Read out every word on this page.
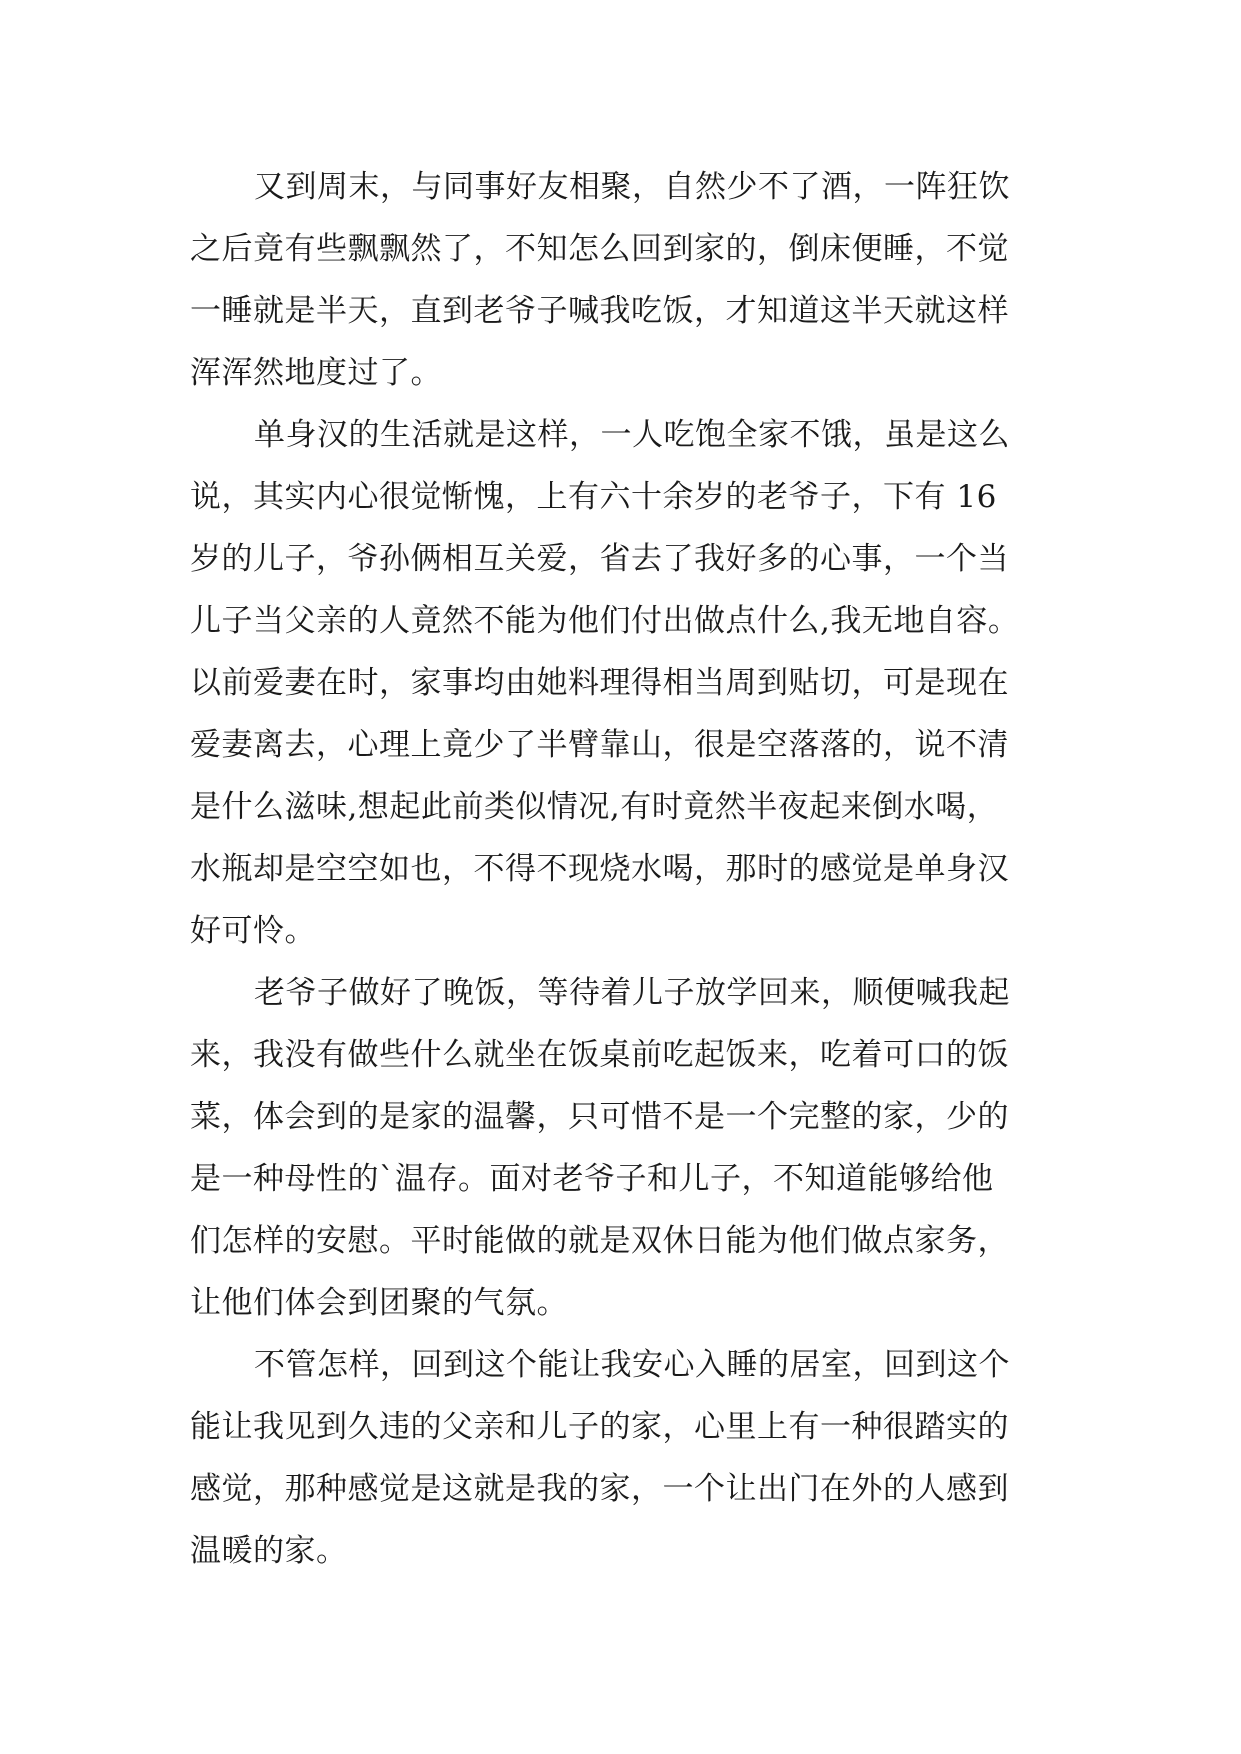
又到周末，与同事好友相聚，自然少不了酒，一阵狂饮
之后竟有些飘飘然了，不知怎么回到家的，倒床便睡，不觉
一睡就是半天，直到老爷子喊我吃饭，才知道这半天就这样
浑浑然地度过了。
单身汉的生活就是这样，一人吃饱全家不饿，虽是这么
说，其实内心很觉惭愧，上有六十余岁的老爷子，下有 16
岁的儿子，爷孙俩相互关爱，省去了我好多的心事，一个当
儿子当父亲的人竟然不能为他们付出做点什么,我无地自容。
以前爱妻在时，家事均由她料理得相当周到贴切，可是现在
爱妻离去，心理上竟少了半臂靠山，很是空落落的，说不清
是什么滋味,想起此前类似情况,有时竟然半夜起来倒水喝，
水瓶却是空空如也，不得不现烧水喝，那时的感觉是单身汉
好可怜。
老爷子做好了晚饭，等待着儿子放学回来，顺便喊我起
来，我没有做些什么就坐在饭桌前吃起饭来，吃着可口的饭
菜，体会到的是家的温馨，只可惜不是一个完整的家，少的
是一种母性的`温存。面对老爷子和儿子，不知道能够给他
们怎样的安慰。平时能做的就是双休日能为他们做点家务，
让他们体会到团聚的气氛。
不管怎样，回到这个能让我安心入睡的居室，回到这个
能让我见到久违的父亲和儿子的家，心里上有一种很踏实的
感觉，那种感觉是这就是我的家，一个让出门在外的人感到
温暖的家。
